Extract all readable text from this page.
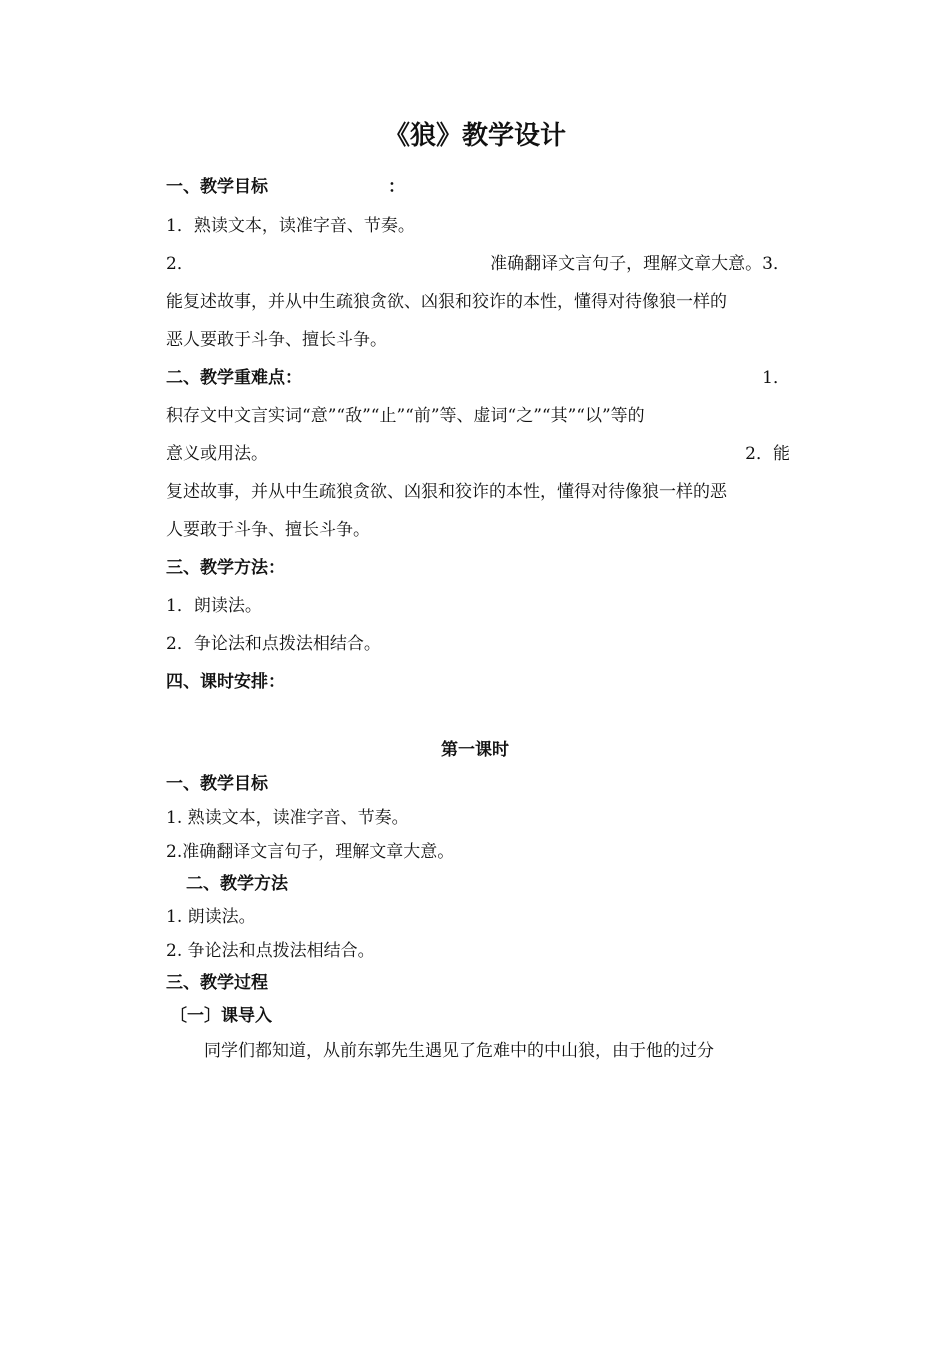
《狼》教学设计
一、教学目标	：
1．熟读文本，读准字音、节奏。
2．	准确翻译文言句子，理解文章大意。3．
能复述故事，并从中生疏狼贪欲、凶狠和狡诈的本性，懂得对待像狼一样的
恶人要敢于斗争、擅长斗争。
二、教学重难点：	1．
积存文中文言实词“意”“敌”“止”“前”等、虚词“之”“其”“以”等的
意义或用法。	2．能
复述故事，并从中生疏狼贪欲、凶狠和狡诈的本性，懂得对待像狼一样的恶
人要敢于斗争、擅长斗争。
三、教学方法：
1．朗读法。
2．争论法和点拨法相结合。
四、课时安排：
第一课时
一、教学目标
1. 熟读文本，读准字音、节奏。
2.准确翻译文言句子，理解文章大意。
二、教学方法
1. 朗读法。
2. 争论法和点拨法相结合。
三、教学过程
〔一〕课导入
同学们都知道，从前东郭先生遇见了危难中的中山狼，由于他的过分
